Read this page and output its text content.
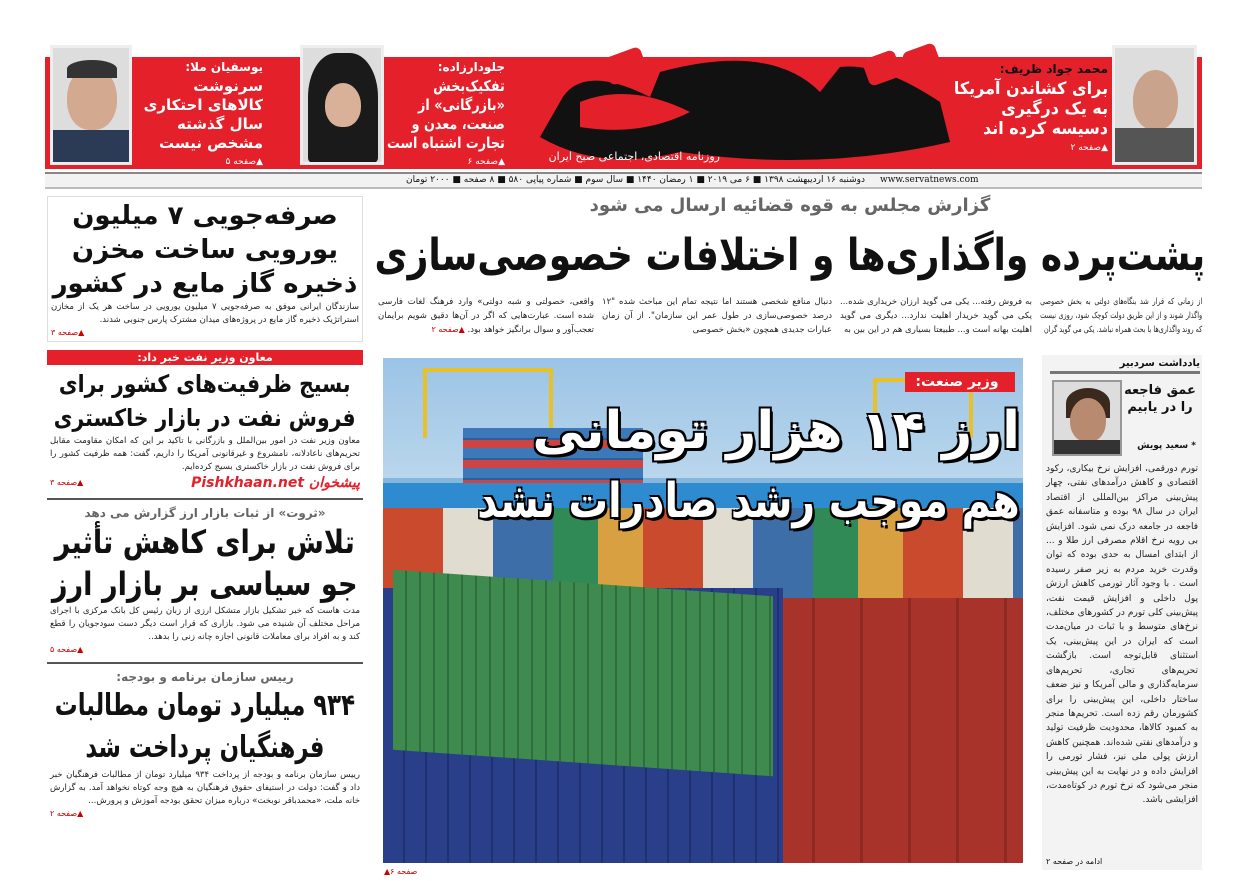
روزنامه اقتصادی، اجتماعی صبح ایران
محمد جواد ظریف:
برای کشاندن آمریکا به یک درگیری دسیسه کرده اند
▲صفحه ۲
جلودارزاده:
تفکیک‌بخش «بازرگانی» از صنعت، معدن و تجارت اشتباه است
▲صفحه ۶
یوسفیان ملا:
سرنوشت کالاهای احتکاری سال گذشته مشخص نیست
▲صفحه ۵
دوشنبه ۱۶ اردیبهشت ۱۳۹۸ ■ ۶ می ۲۰۱۹ ■ ۱ رمضان ۱۴۴۰ ■ سال سوم ■ شماره پیاپی ۵۸۰ ■ ۸ صفحه ■ ۲۰۰۰ تومان www.servatnews.com
گزارش مجلس به قوه قضائیه ارسال می شود
پشت‌پرده واگذاری‌ها و اختلافات خصوصی‌سازی
از زمانی که قرار شد بنگاه‌های دولتی به بخش خصوصی واگذار شوند و از این طریق دولت کوچک شود، روزی نیست که روند واگذاری‌ها با بحث همراه نباشد. یکی می گوید گران
به فروش رفته... یکی می گوید ارزان خریداری شده... یکی می گوید خریدار اهلیت ندارد... دیگری می گوید اهلیت بهانه است و... طبیعتا بسیاری هم در این بین به
دنبال منافع شخصی هستند اما نتیجه تمام این مباحث شده "۱۲ درصد خصوصی‌سازی در طول عمر این سازمان". از آن زمان عبارات جدیدی همچون «بخش خصوصی
واقعی، خصولتی و شبه دولتی» وارد فرهنگ لغات فارسی شده است. عبارت‌هایی که اگر در آن‌ها دقیق شویم برایمان تعجب‌آور و سوال برانگیز خواهد بود. ▲صفحه ۲
وزیر صنعت:
ارز ۱۴ هزار تومانی
هم موجب رشد صادرات نشد
▲صفحه ۶
صرفه‌جویی ۷ میلیون یورویی ساخت مخزن ذخیره گاز مایع در کشور
سازندگان ایرانی موفق به صرفه‌جویی ۷ میلیون یورویی در ساخت هر یک از مخازن استراتژیک ذخیره گاز مایع در پروژه‌های میدان مشترک پارس جنوبی شدند.
▲صفحه ۳
معاون وزیر نفت خبر داد:
بسیج ظرفیت‌های کشور برای فروش نفت در بازار خاکستری
معاون وزیر نفت در امور بین‌الملل و بازرگانی با تاکید بر این که امکان مقاومت مقابل تحریم‌های ناعادلانه، نامشروع و غیرقانونی آمریکا را داریم، گفت: همه ظرفیت کشور را برای فروش نفت در بازار خاکستری بسیج کرده‌ایم.
▲صفحه ۳	پیشخوان Pishkhaan.net
«ثروت» از ثبات بازار ارز گزارش می دهد
تلاش برای کاهش تأثیر جو سیاسی بر بازار ارز
مدت هاست که خبر تشکیل بازار متشکل ارزی از زبان رئیس کل بانک مرکزی با اجرای مراحل مختلف آن شنیده می شود. بازاری که قرار است دیگر دست سودجویان را قطع کند و به افراد برای معاملات قانونی اجازه چانه زنی را بدهد..
▲صفحه ۵
رییس سازمان برنامه و بودجه:
۹۳۴ میلیارد تومان مطالبات فرهنگیان پرداخت شد
رییس سازمان برنامه و بودجه از پرداخت ۹۳۴ میلیارد تومان از مطالبات فرهنگیان خبر داد و گفت: دولت در استیفای حقوق فرهنگیان به هیچ وجه کوتاه نخواهد آمد. به گزارش خانه ملت، «محمدباقر نوبخت» درباره میزان تحقق بودجه آموزش و پرورش...
▲صفحه ۲
یادداشت سردبیر
عمق فاجعه را در یابیم
* سعید پویش
تورم دورقمی، افزایش نرخ بیکاری، رکود اقتصادی و کاهش درآمدهای نفتی، چهار پیش‌بینی مراکز بین‌المللی از اقتصاد ایران در سال ۹۸ بوده و متاسفانه عمق فاجعه در جامعه درک نمی شود. افزایش بی رویه نرخ اقلام مصرفی ارز طلا و ... از ابتدای امسال به حدی بوده که توان وقدرت خرید مردم به زیر صفر رسیده است . با وجود آثار تورمی کاهش ارزش پول داخلی و افزایش قیمت نفت، پیش‌بینی کلی تورم در کشورهای مختلف، نرخ‌های متوسط و با ثبات در میان‌مدت است که ایران در این پیش‌بینی، یک استثنای قابل‌توجه است. بازگشت تحریم‌های تجاری، تحریم‌های سرمایه‌گذاری و مالی آمریکا و نیز ضعف ساختار داخلی، این پیش‌بینی را برای کشورمان رقم زده است. تحریم‌ها منجر به کمبود کالاها، محدودیت ظرفیت تولید و درآمدهای نفتی شده‌اند. همچنین کاهش ارزش پولی ملی نیز، فشار تورمی را افزایش داده و در نهایت به این پیش‌بینی منجر می‌شود که نرخ تورم در کوتاه‌مدت، افزایشی باشد.
ادامه در صفحه ۲
